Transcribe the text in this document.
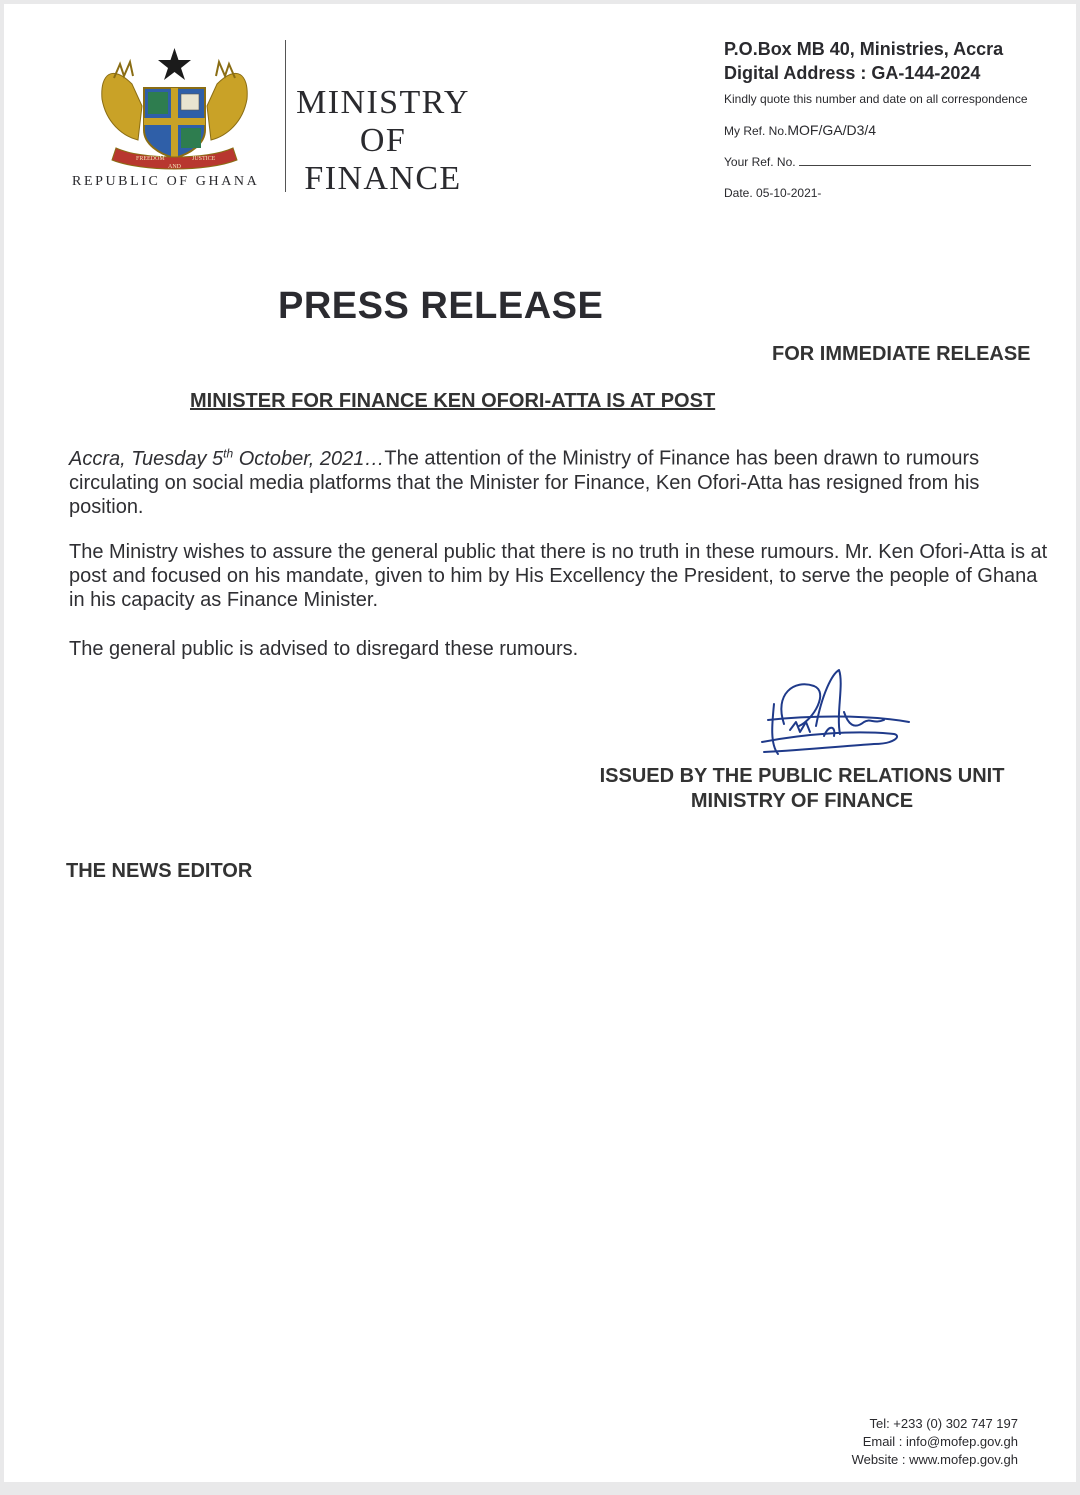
FREEDOM
AND
JUSTICE
REPUBLIC OF GHANA
MINISTRY
OF
FINANCE
P.O.Box MB 40, Ministries, Accra
Digital Address : GA-144-2024
Kindly quote this number and date on all correspondence
My Ref. No.MOF/GA/D3/4
Your Ref. No.
Date. 05-10-2021-
PRESS RELEASE
FOR IMMEDIATE RELEASE
MINISTER FOR FINANCE KEN OFORI-ATTA IS AT POST
Accra, Tuesday 5th October, 2021…The attention of the Ministry of Finance has been drawn to rumours circulating on social media platforms that the Minister for Finance, Ken Ofori-Atta has resigned from his position.
The Ministry wishes to assure the general public that there is no truth in these rumours. Mr. Ken Ofori-Atta is at post and focused on his mandate, given to him by His Excellency the President, to serve the people of Ghana in his capacity as Finance Minister.
The general public is advised to disregard these rumours.
ISSUED BY THE PUBLIC RELATIONS UNIT
MINISTRY OF FINANCE
THE NEWS EDITOR
Tel: +233 (0) 302 747 197
Email : info@mofep.gov.gh
Website : www.mofep.gov.gh
